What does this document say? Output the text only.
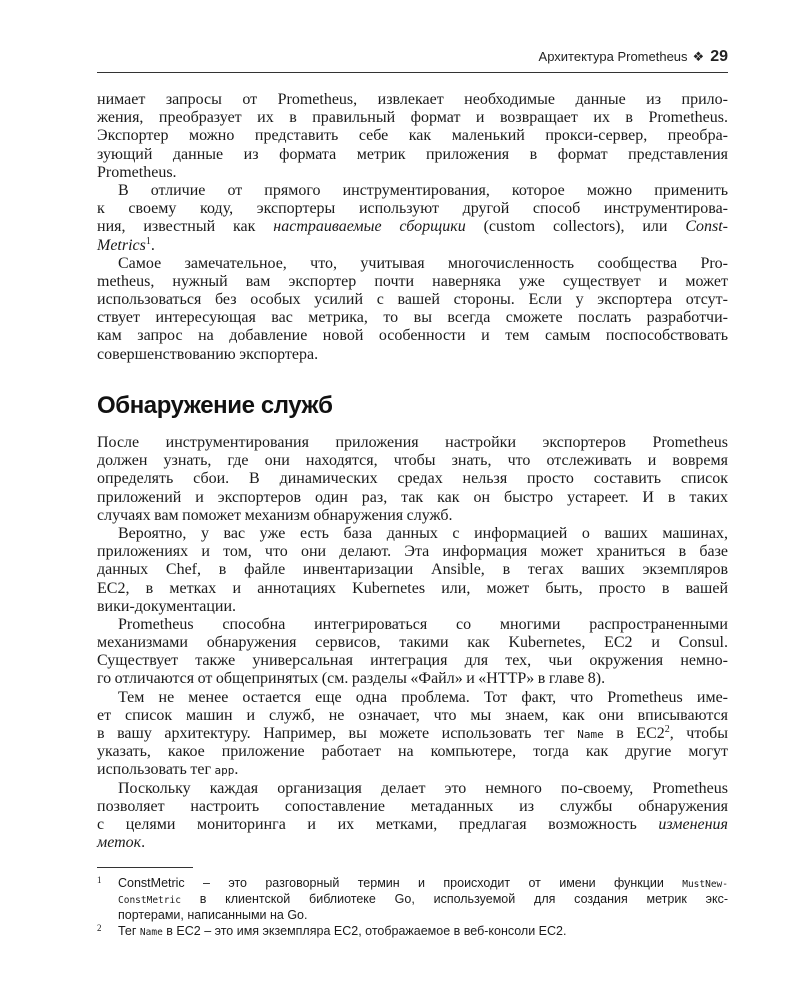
Архитектура Prometheus ❖ 29
нимает запросы от Prometheus, извлекает необходимые данные из прило-
жения, преобразует их в правильный формат и возвращает их в Prometheus.
Экспортер можно представить себе как маленький прокси-сервер, преобра-
зующий данные из формата метрик приложения в формат представления
Prometheus.
В отличие от прямого инструментирования, которое можно применить
к своему коду, экспортеры используют другой способ инструментирова-
ния, известный как настраиваемые сборщики (custom collectors), или Const-
Metrics$^1$.
Самое замечательное, что, учитывая многочисленность сообщества Pro-
metheus, нужный вам экспортер почти наверняка уже существует и может
использоваться без особых усилий с вашей стороны. Если у экспортера отсут-
ствует интересующая вас метрика, то вы всегда сможете послать разработчи-
кам запрос на добавление новой особенности и тем самым поспособствовать
совершенствованию экспортера.
Обнаружение служб
После инструментирования приложения настройки экспортеров Prometheus
должен узнать, где они находятся, чтобы знать, что отслеживать и вовремя
определять сбои. В динамических средах нельзя просто составить список
приложений и экспортеров один раз, так как он быстро устареет. И в таких
случаях вам поможет механизм обнаружения служб.
Вероятно, у вас уже есть база данных с информацией о ваших машинах,
приложениях и том, что они делают. Эта информация может храниться в базе
данных Chef, в файле инвентаризации Ansible, в тегах ваших экземпляров
EC2, в метках и аннотациях Kubernetes или, может быть, просто в вашей
вики-документации.
Prometheus способна интегрироваться со многими распространенными
механизмами обнаружения сервисов, такими как Kubernetes, EC2 и Consul.
Существует также универсальная интеграция для тех, чьи окружения немно-
го отличаются от общепринятых (см. разделы «Файл» и «HTTP» в главе 8).
Тем не менее остается еще одна проблема. Тот факт, что Prometheus име-
ет список машин и служб, не означает, что мы знаем, как они вписываются
в вашу архитектуру. Например, вы можете использовать тег Name в $EC2^2$, чтобы
указать, какое приложение работает на компьютере, тогда как другие могут
использовать тег app.
Поскольку каждая организация делает это немного по-своему, Prometheus
позволяет настроить сопоставление метаданных из службы обнаружения
с целями мониторинга и их метками, предлагая возможность изменения
меток.
1 ConstMetric – это разговорный термин и происходит от имени функции MustNew-
ConstMetric в клиентской библиотеке Go, используемой для создания метрик экс-
портерами, написанными на Go.
2 Тег Name в EC2 – это имя экземпляра EC2, отображаемое в веб-консоли EC2.
